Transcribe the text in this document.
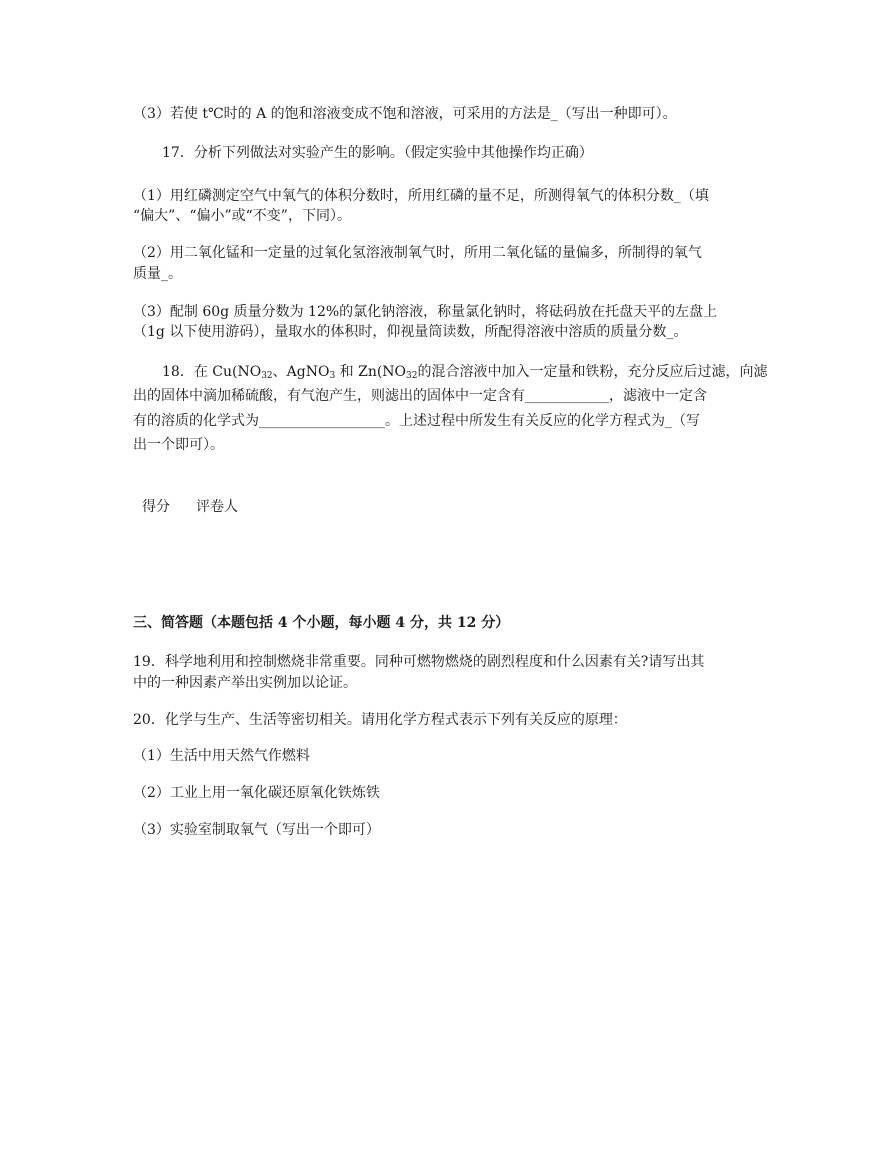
（3）若使 t℃时的 A 的饱和溶液变成不饱和溶液，可采用的方法是_（写出一种即可）。
17．分析下列做法对实验产生的影响。（假定实验中其他操作均正确）
（1）用红磷测定空气中氧气的体积分数时，所用红磷的量不足，所测得氧气的体积分数_（填
“偏大”、“偏小”或“不变”，下同）。
（2）用二氧化锰和一定量的过氧化氢溶液制氧气时，所用二氧化锰的量偏多，所制得的氧气
质量_。
（3）配制 60g 质量分数为 12%的氯化钠溶液，称量氯化钠时，将砝码放在托盘天平的左盘上
（1g 以下使用游码），量取水的体积时，仰视量筒读数，所配得溶液中溶质的质量分数_。
18．在 $Cu(NO_{32}$、AgNO$_3$ 和 $Zn(NO_{32}$的混合溶液中加入一定量和铁粉，充分反应后过滤，向滤
出的固体中滴加稀硫酸，有气泡产生，则滤出的固体中一定含有____________，滤液中一定含
有的溶质的化学式为__________________。上述过程中所发生有关反应的化学方程式为_（写
出一个即可）。
得分 评卷人
三、简答题（本题包括 4 个小题，每小题 4 分，共 12 分）
19．科学地利用和控制燃烧非常重要。同种可燃物燃烧的剧烈程度和什么因素有关?请写出其
中的一种因素产举出实例加以论证。
20．化学与生产、生活等密切相关。请用化学方程式表示下列有关反应的原理：
（1）生活中用天然气作燃料
（2）工业上用一氧化碳还原氧化铁炼铁
（3）实验室制取氧气（写出一个即可）
